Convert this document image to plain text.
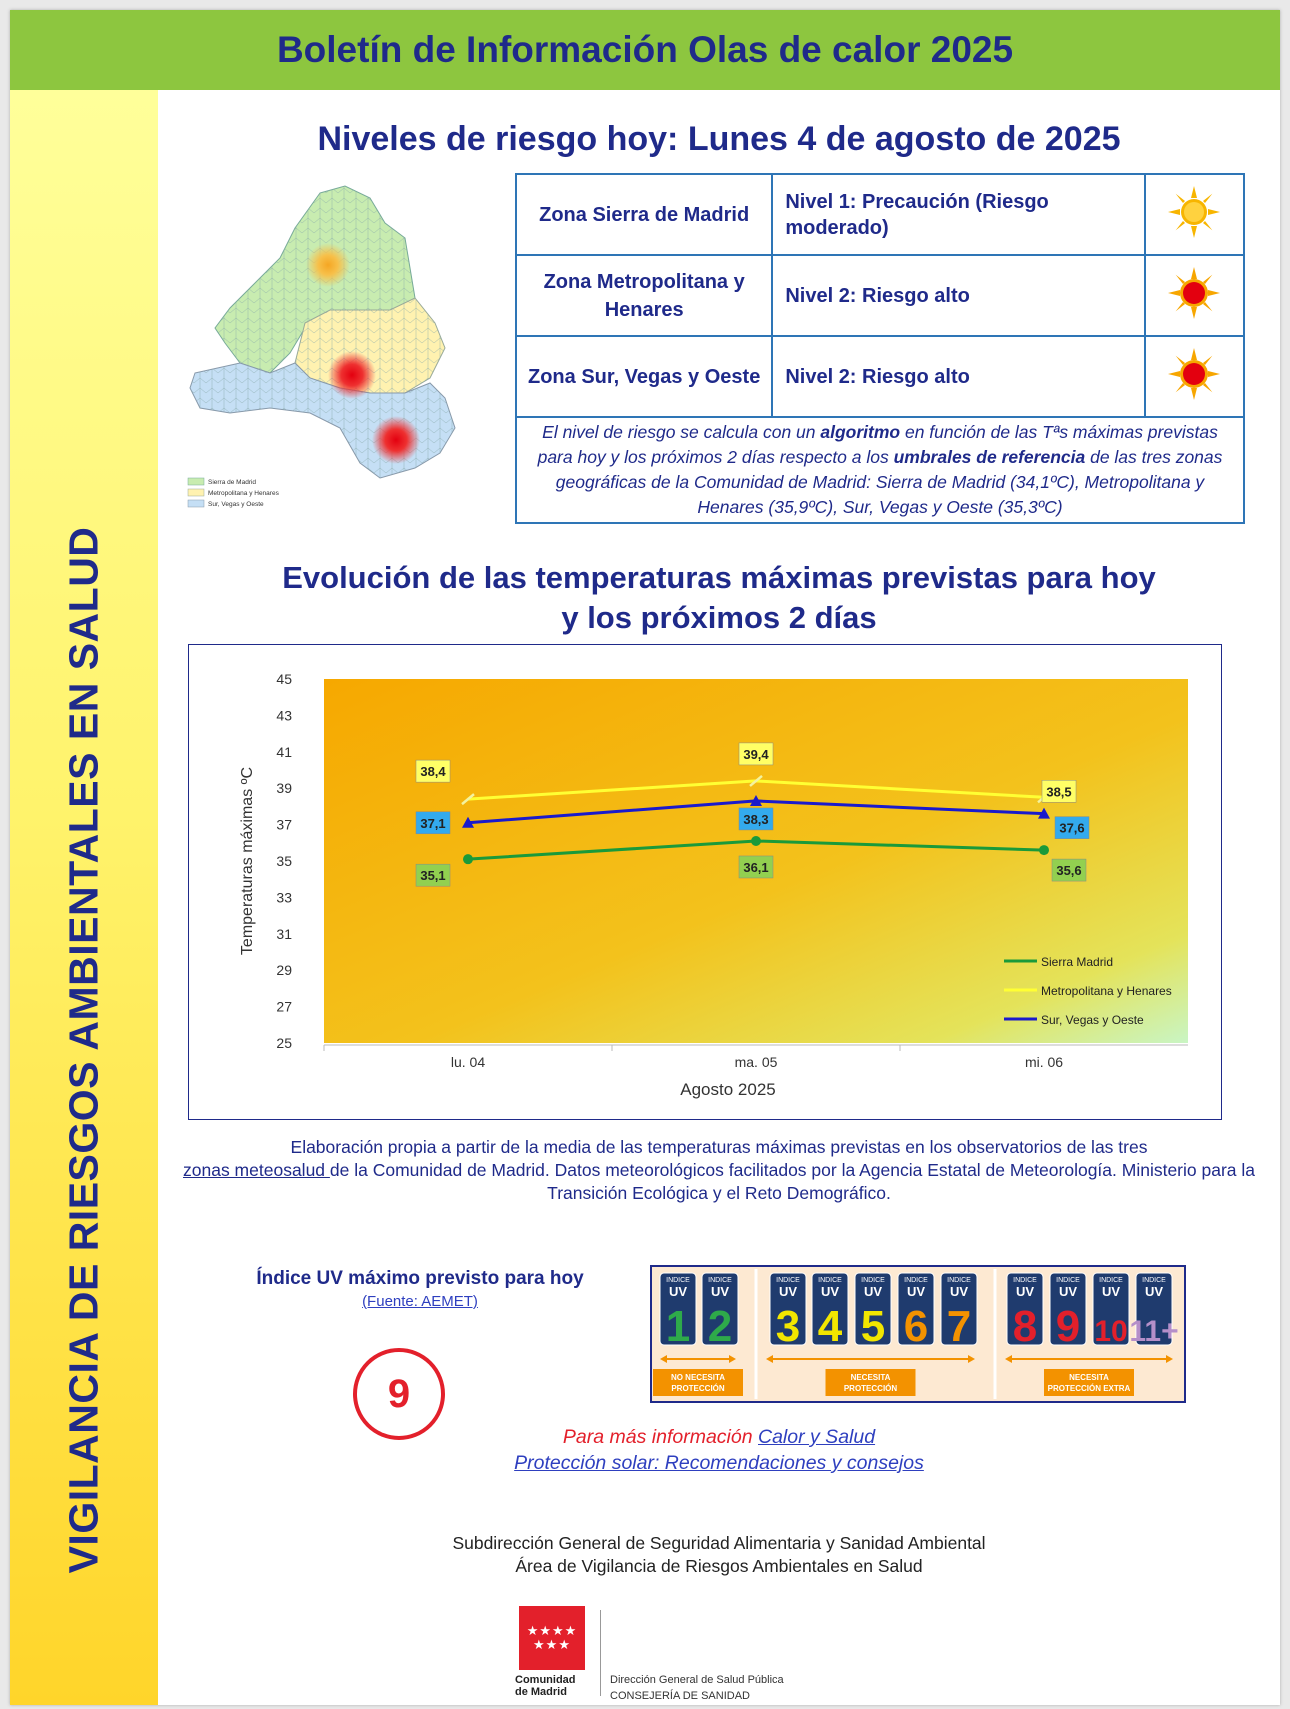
Boletín de Información Olas de calor 2025
VIGILANCIA DE RIESGOS AMBIENTALES EN SALUD
Niveles de riesgo hoy: Lunes 4 de agosto de 2025
Sierra de Madrid
Metropolitana y Henares
Sur, Vegas y Oeste
Zona Sierra de Madrid	Nivel 1: Precaución (Riesgo moderado)	
Zona Metropolitana y Henares	Nivel 2: Riesgo alto	
Zona Sur, Vegas y Oeste	Nivel 2: Riesgo alto	
El nivel de riesgo se calcula con un algoritmo en función de las Tªs máximas previstas para hoy y los próximos 2 días respecto a los umbrales de referencia de las tres zonas geográficas de la Comunidad de Madrid: Sierra de Madrid (34,1ºC), Metropolitana y Henares (35,9ºC), Sur, Vegas y Oeste (35,3ºC)		
Evolución de las temperaturas máximas previstas para hoy
y los próximos 2 días
Temperaturas máximas ºC
Agosto 2025
25
27
29
31
33
35
37
39
41
43
45
lu. 04	ma. 05	mi. 06
35,1
36,1	35,6
38,4
39,4
38,5
37,1	38,3
37,6
Sierra Madrid
Metropolitana y Henares
Sur, Vegas y Oeste
Elaboración propia a partir de la media de las temperaturas máximas previstas en los observatorios de las tres
zonas meteosalud de la Comunidad de Madrid. Datos meteorológicos facilitados por la Agencia Estatal de Meteorología. Ministerio para la Transición Ecológica y el Reto Demográfico.
Índice UV máximo previsto para hoy
(Fuente: AEMET)
9
INDICE
UV
1
INDICE
UV
2
INDICE
UV
3
INDICE
UV
4
INDICE
UV
5
INDICE
UV
6
INDICE
UV
7
INDICE
UV
8
INDICE
UV
9
INDICE
UV
10
INDICE
UV
11+
NO NECESITA
PROTECCIÓN
NECESITA
PROTECCIÓN
NECESITA
PROTECCIÓN EXTRA
Para más información Calor y Salud
Protección solar: Recomendaciones y consejos
Subdirección General de Seguridad Alimentaria y Sanidad Ambiental
Área de Vigilancia de Riesgos Ambientales en Salud
★★★★
★★★
Comunidad
de Madrid
Dirección General de Salud Pública
CONSEJERÍA DE SANIDAD
